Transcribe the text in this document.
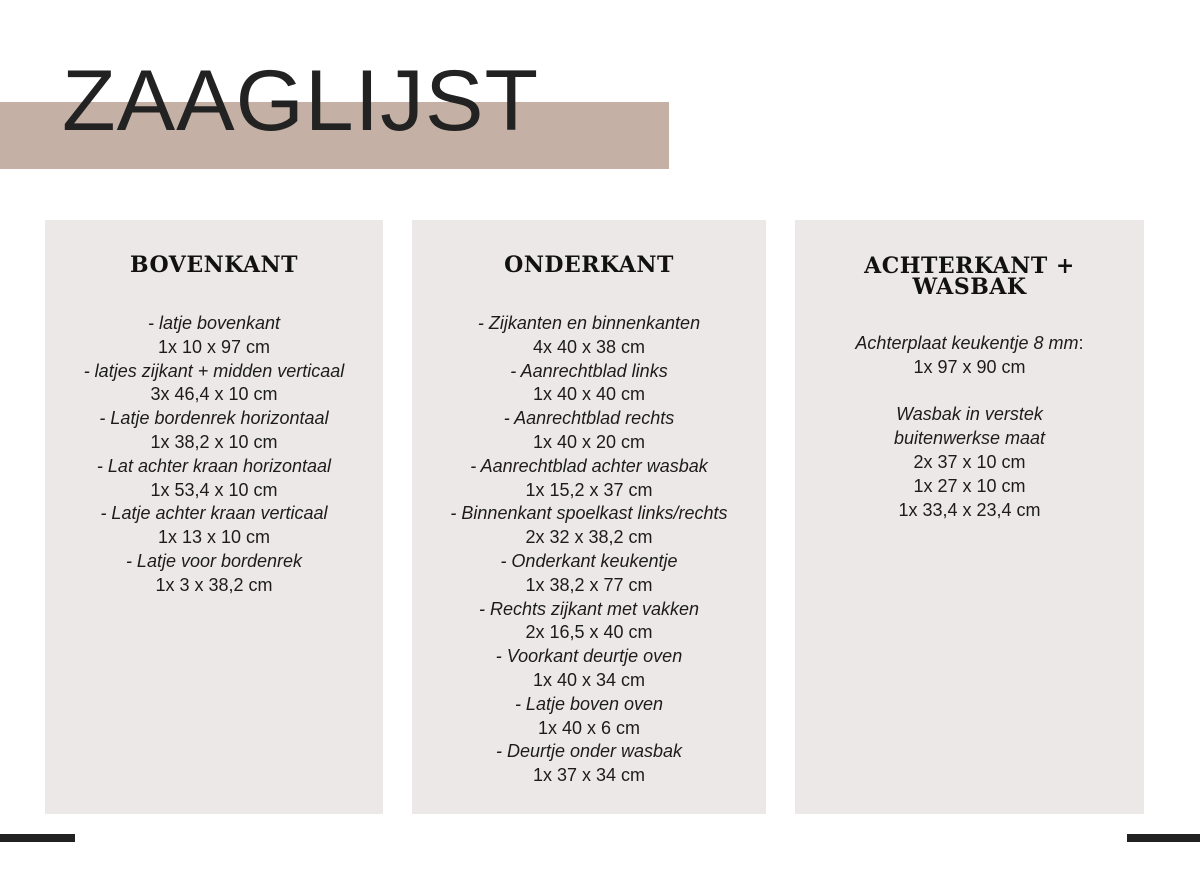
ZAAGLIJST
BOVENKANT
- latje bovenkant
1x 10 x 97 cm
- latjes zijkant + midden verticaal
3x 46,4 x 10 cm
- Latje bordenrek horizontaal
1x 38,2 x 10 cm
- Lat achter kraan horizontaal
1x 53,4 x 10 cm
- Latje achter kraan verticaal
1x 13 x 10 cm
- Latje voor bordenrek
1x 3 x 38,2 cm
ONDERKANT
- Zijkanten en binnenkanten
4x 40 x 38 cm
- Aanrechtblad links
1x 40 x 40 cm
- Aanrechtblad rechts
1x 40 x 20 cm
- Aanrechtblad achter wasbak
1x 15,2 x 37 cm
- Binnenkant spoelkast links/rechts
2x 32 x 38,2 cm
- Onderkant keukentje
1x 38,2 x 77 cm
- Rechts zijkant met vakken
2x 16,5 x 40 cm
- Voorkant deurtje oven
1x 40 x 34 cm
- Latje boven oven
1x 40 x 6 cm
- Deurtje onder wasbak
1x 37 x 34 cm
ACHTERKANT +
WASBAK
Achterplaat keukentje 8 mm:
1x 97 x 90 cm
Wasbak in verstek
buitenwerkse maat
2x 37 x 10 cm
1x 27 x 10 cm
1x 33,4 x 23,4 cm
